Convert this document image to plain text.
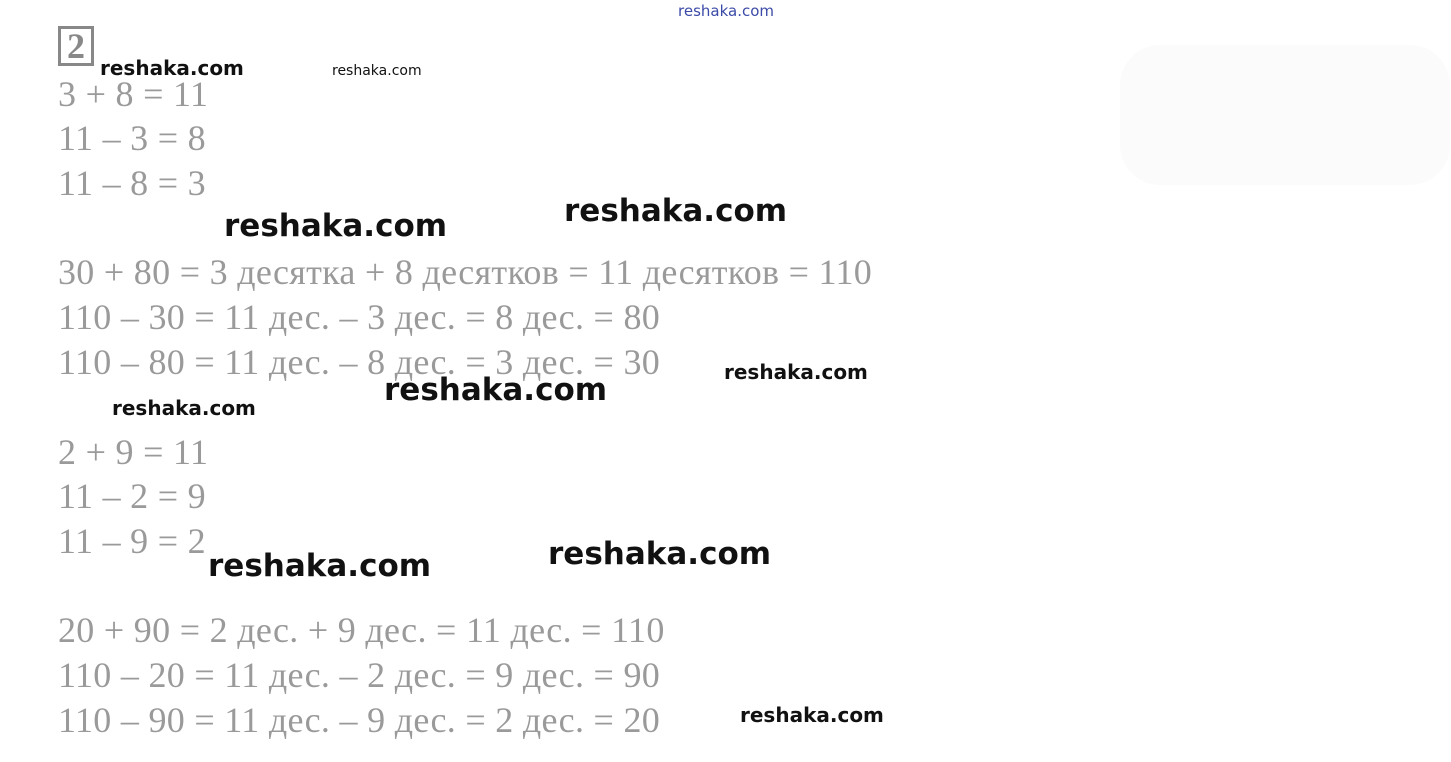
reshaka.com
2
3 + 8 = 11
11 – 3 = 8
11 – 8 = 3
30 + 80 = 3 десятка + 8 десятков = 11 десятков = 110
110 – 30 = 11 дес. – 3 дес. = 8 дес. = 80
110 – 80 = 11 дес. – 8 дес. = 3 дес. = 30
2 + 9 = 11
11 – 2 = 9
11 – 9 = 2
20 + 90 = 2 дес. + 9 дес. = 11 дес. = 110
110 – 20 = 11 дес. – 2 дес. = 9 дес. = 90
110 – 90 = 11 дес. – 9 дес. = 2 дес. = 20
reshaka.com	reshaka.com
reshaka.com	reshaka.com
reshaka.com
reshaka.com
reshaka.com
reshaka.com	reshaka.com
reshaka.com
